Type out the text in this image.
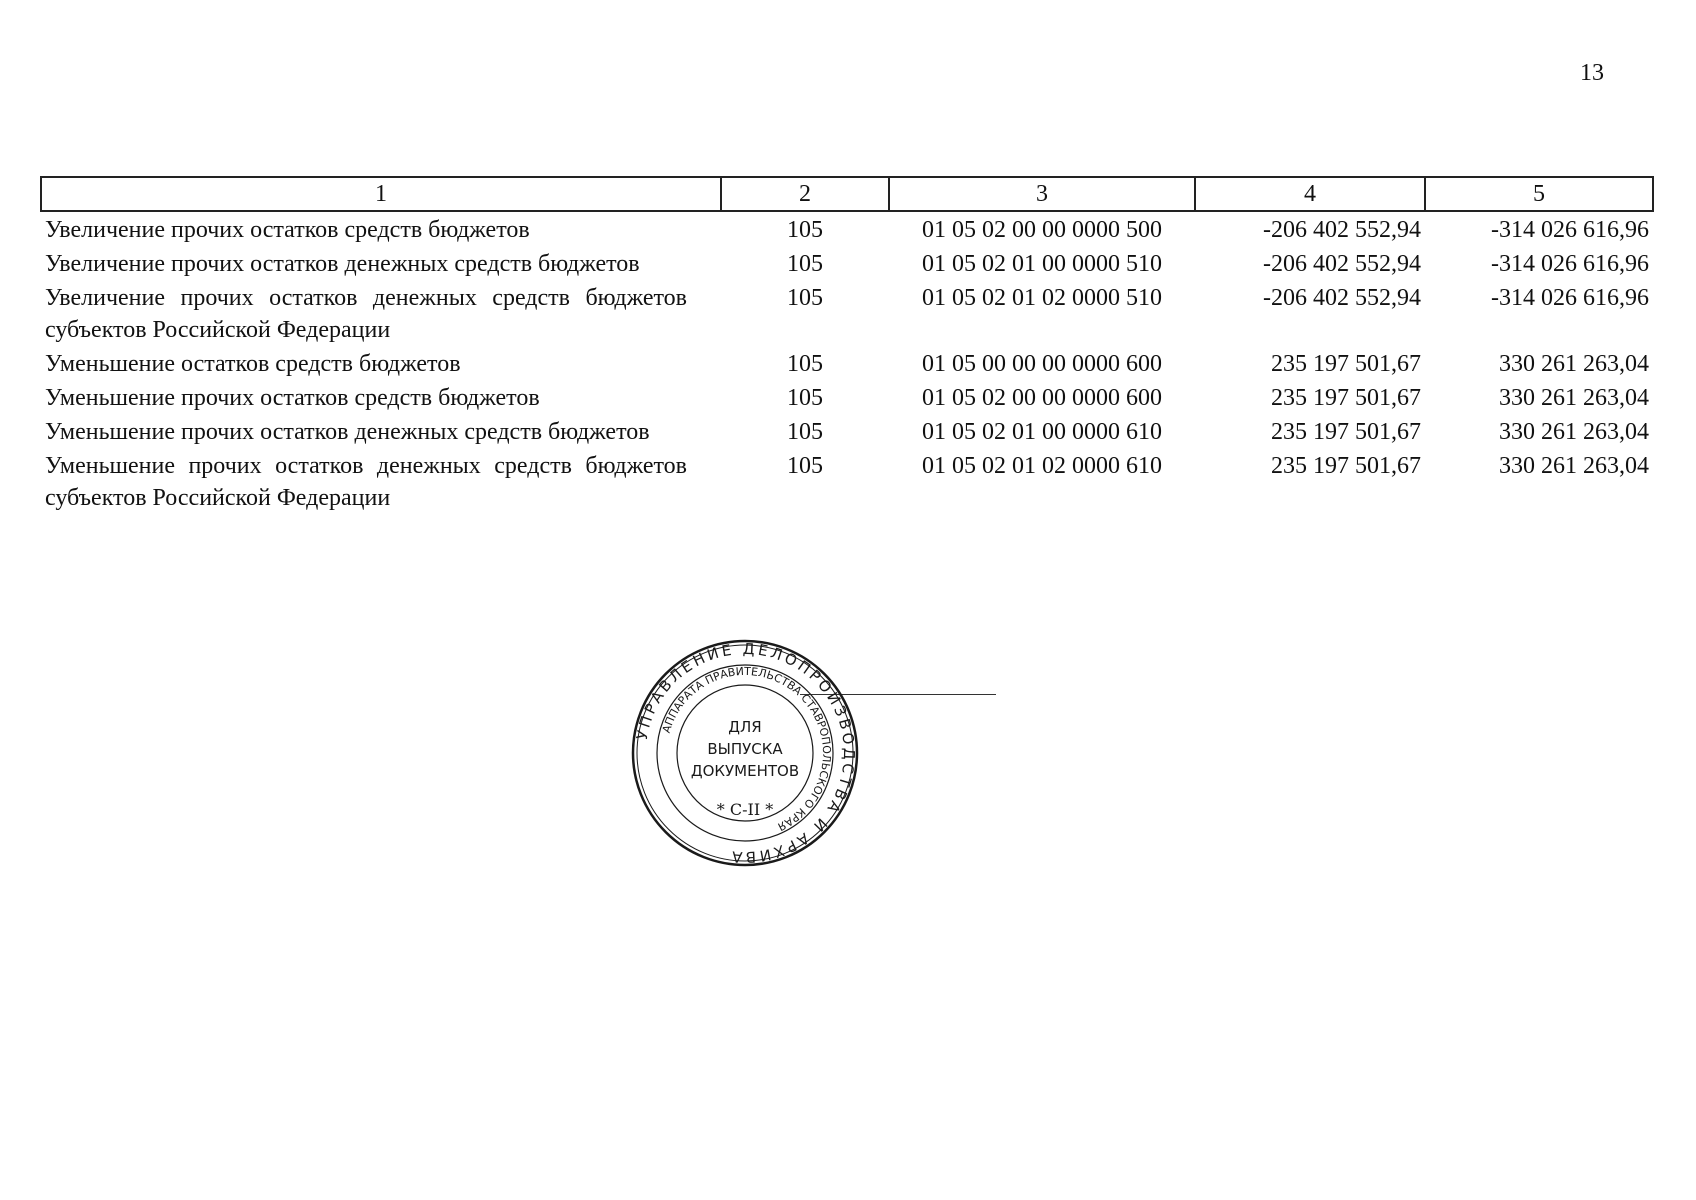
13
1	2	3	4	5
Увеличение прочих остатков средств бюджетов	105	01 05 02 00 00 0000 500	-206 402 552,94	-314 026 616,96
Увеличение прочих остатков денежных средств бюджетов	105	01 05 02 01 00 0000 510	-206 402 552,94	-314 026 616,96
Увеличение прочих остатков денежных средств бюджетов субъектов Российской Федерации	105	01 05 02 01 02 0000 510	-206 402 552,94	-314 026 616,96
Уменьшение остатков средств бюджетов	105	01 05 00 00 00 0000 600	235 197 501,67	330 261 263,04
Уменьшение прочих остатков средств бюджетов	105	01 05 02 00 00 0000 600	235 197 501,67	330 261 263,04
Уменьшение прочих остатков денежных средств бюджетов	105	01 05 02 01 00 0000 610	235 197 501,67	330 261 263,04
Уменьшение прочих остатков денежных средств бюджетов субъектов Российской Федерации	105	01 05 02 01 02 0000 610	235 197 501,67	330 261 263,04
УПРАВЛЕНИЕ ДЕЛОПРОИЗВОДСТВА И АРХИВА
АППАРАТА ПРАВИТЕЛЬСТВА СТАВРОПОЛЬСКОГО КРАЯ
ДЛЯ
ВЫПУСКА
ДОКУМЕНТОВ
* С-II *
